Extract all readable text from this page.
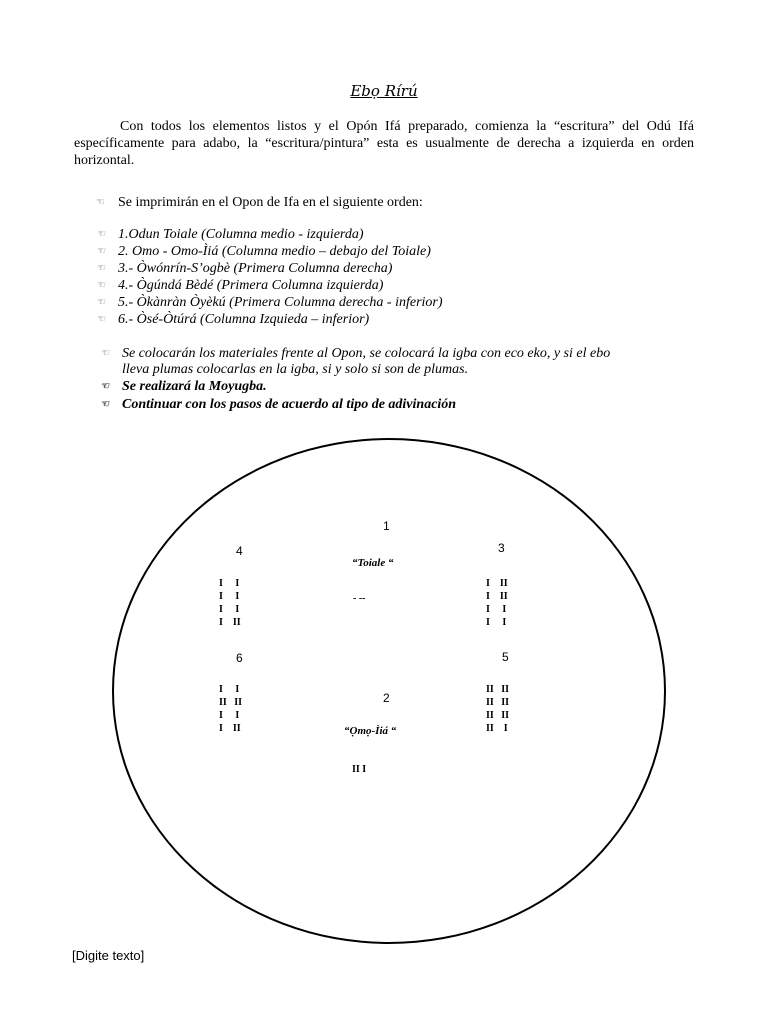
Ebọ Rírú
Con todos los elementos listos y el Opón Ifá preparado, comienza la “escritura” del Odú Ifá específicamente para adabo, la “escritura/pintura” esta es usualmente de derecha a izquierda en orden horizontal.
☜ Se imprimirán en el Opon de Ifa en el siguiente orden:
☜ 1.Odun Toiale (Columna medio - izquierda)
☜ 2. Omo - Omo-Ìiá (Columna medio – debajo del Toiale)
☜ 3.- Òwónrín-S’ogbè (Primera Columna derecha)
☜ 4.- Ògúndá Bèdé (Primera Columna izquierda)
☜ 5.- Òkànràn Òyèkú (Primera Columna derecha - inferior)
☜ 6.- Òsé-Òtúrá (Columna Izquieda – inferior)
☜ Se colocarán los materiales frente al Opon, se colocará la igba con eco eko, y si el ebo
lleva plumas colocarlas en la igba, si y solo si son de plumas.
☜ Se realizará la Moyugba.
☜ Continuar con los pasos de acuerdo al tipo de adivinación
1
4	3
“Toiale “
‐ ‐‐
I     I
I     I
I     I
I    II
I    II
I    II
I     I
I     I
6	5
I     I
II   II
I     I
I    II
II   II
II   II
II   II
II    I
2
“Ọmọ-Ìiá “
II I
[Digite texto]
